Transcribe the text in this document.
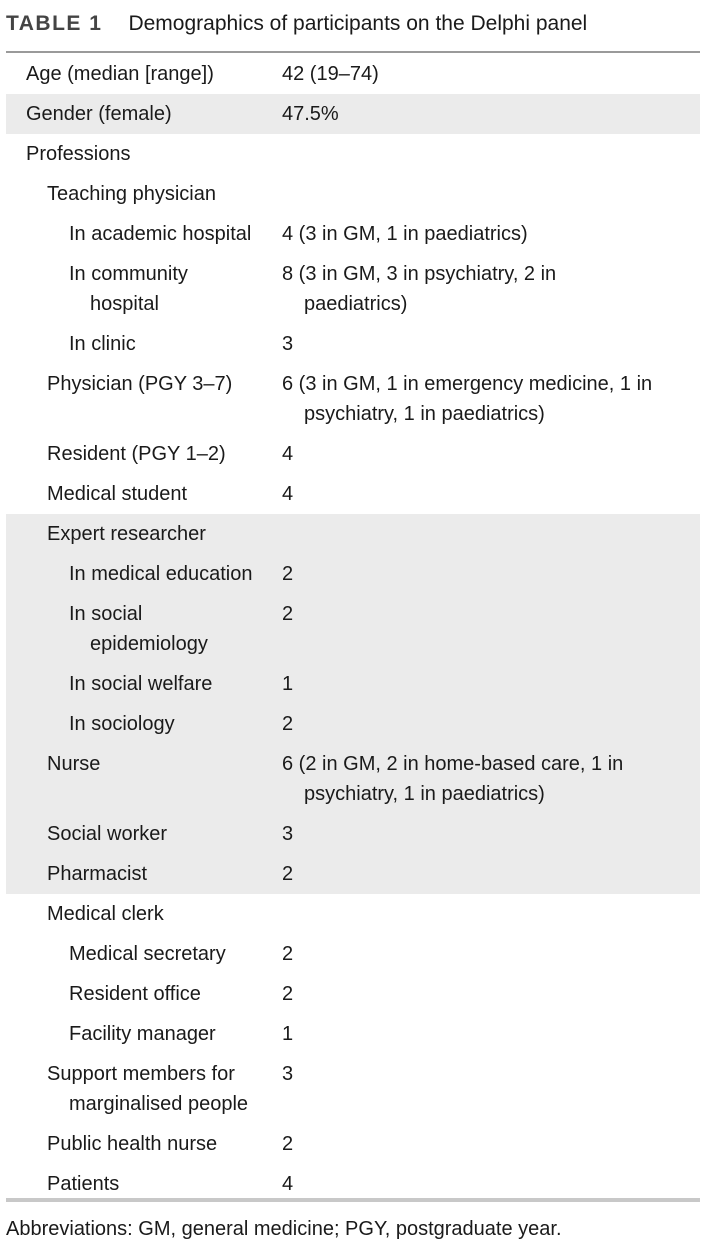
TABLE 1 Demographics of participants on the Delphi panel
Age (median [range])	42 (19–74)

Gender (female)	47.5%

Professions	

Teaching physician	

In academic hospital	4 (3 in GM, 1 in paediatrics)

In community hospital	8 (3 in GM, 3 in psychiatry, 2 in paediatrics)

In clinic	3

Physician (PGY 3–7)	6 (3 in GM, 1 in emergency medicine, 1 in psychiatry, 1 in paediatrics)

Resident (PGY 1–2)	4

Medical student	4

Expert researcher	

In medical education	2

In social epidemiology	2

In social welfare	1

In sociology	2

Nurse	6 (2 in GM, 2 in home-based care, 1 in psychiatry, 1 in paediatrics)

Social worker	3

Pharmacist	2

Medical clerk	

Medical secretary	2

Resident office	2

Facility manager	1

Support members for marginalised people	3

Public health nurse	2

Patients	4
Abbreviations: GM, general medicine; PGY, postgraduate year.
